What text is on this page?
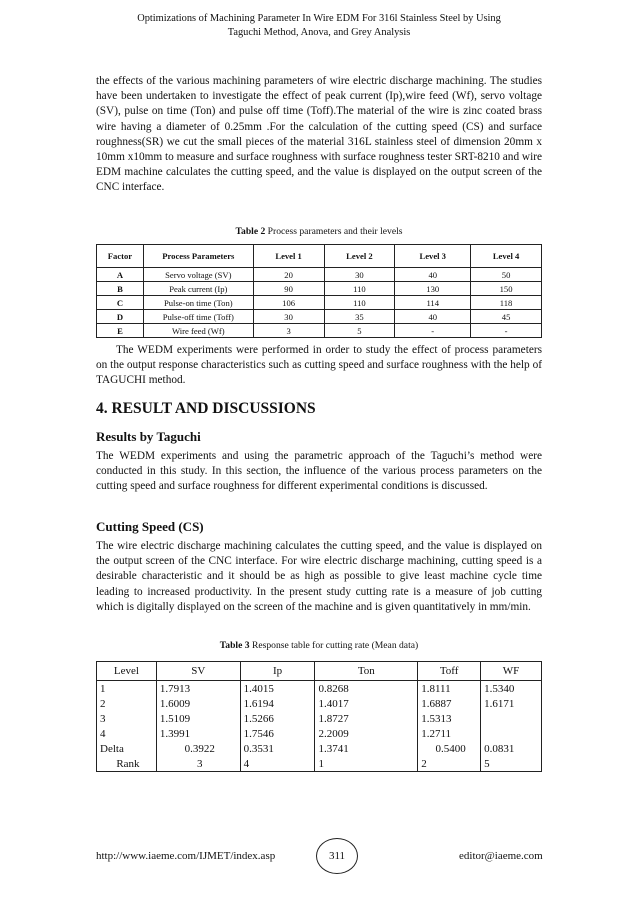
Optimizations of Machining Parameter In Wire EDM For 316l Stainless Steel by Using
Taguchi Method, Anova, and Grey Analysis

the effects of the various machining parameters of wire electric discharge machining. The studies have been undertaken to investigate the effect of peak current (Ip),wire feed (Wf), servo voltage (SV), pulse on time (Ton) and pulse off time (Toff).The material of the wire is zinc coated brass wire having a diameter of 0.25mm .For the calculation of the cutting speed (CS) and surface roughness(SR) we cut the small pieces of the material 316L stainless steel of dimension 20mm x 10mm x10mm to measure and surface roughness with surface roughness tester SRT-8210 and wire EDM machine calculates the cutting speed, and the value is displayed on the output screen of the CNC interface.

Table 2 Process parameters and their levels
Factor	Process Parameters	Level 1	Level 2	Level 3	Level 4
A	Servo voltage (SV)	20	30	40	50
B	Peak current (Ip)	90	110	130	150
C	Pulse-on time (Ton)	106	110	114	118
D	Pulse-off time (Toff)	30	35	40	45
E	Wire feed (Wf)	3	5	-	-

The WEDM experiments were performed in order to study the effect of process parameters on the output response characteristics such as cutting speed and surface roughness with the help of TAGUCHI method.

4. RESULT AND DISCUSSIONS
Results by Taguchi

The WEDM experiments and using the parametric approach of the Taguchi’s method were conducted in this study. In this section, the influence of the various process parameters on the cutting speed and surface roughness for different experimental conditions is discussed.

Cutting Speed (CS)

The wire electric discharge machining calculates the cutting speed, and the value is displayed on the output screen of the CNC interface. For wire electric discharge machining, cutting speed is a desirable characteristic and it should be as high as possible to give least machine cycle time leading to increased productivity. In the present study cutting rate is a measure of job cutting which is digitally displayed on the screen of the machine and is given quantitatively in mm/min.

Table 3 Response table for cutting rate (Mean data)
Level	SV	Ip	Ton	Toff	WF
1	1.7913	1.4015	0.8268	1.8111	1.5340
2	1.6009	1.6194	1.4017	1.6887	1.6171
3	1.5109	1.5266	1.8727	1.5313	
4	1.3991	1.7546	2.2009	1.2711	
Delta	0.3922	0.3531	1.3741	0.5400	0.0831
Rank	3	4	1	2	5
http://www.iaeme.com/IJMET/index.asp	311	editor@iaeme.com
